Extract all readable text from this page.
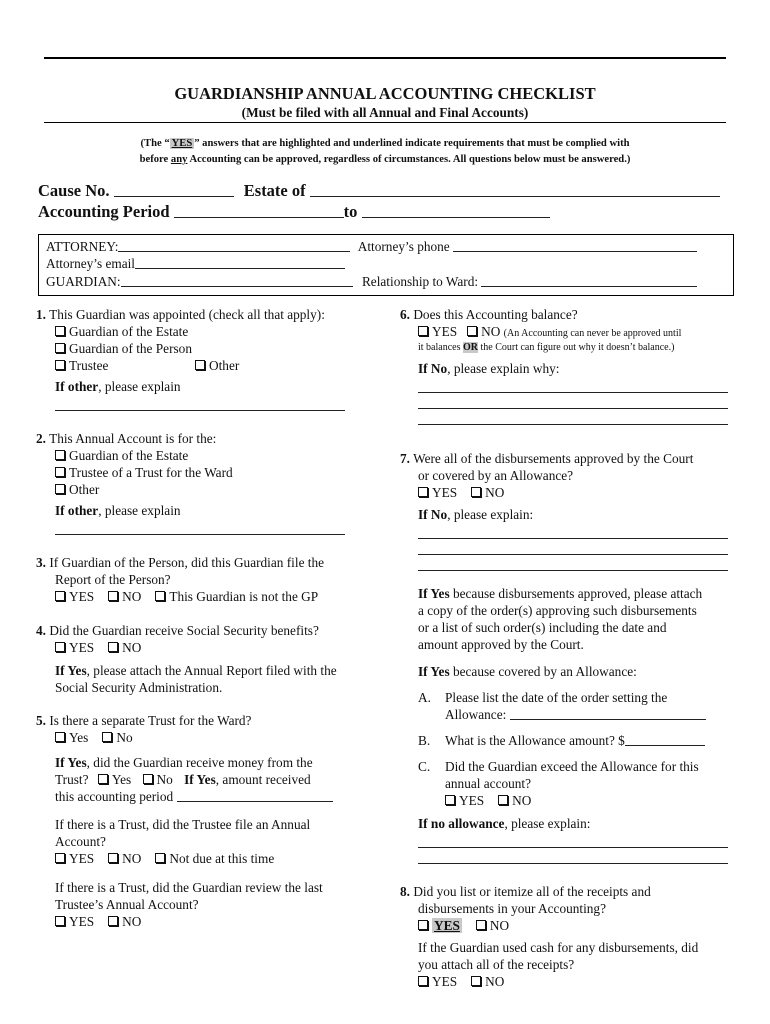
GUARDIANSHIP ANNUAL ACCOUNTING CHECKLIST
(Must be filed with all Annual and Final Accounts)
(The “ YES ” answers that are highlighted and underlined indicate requirements that must be complied with
before any Accounting can be approved, regardless of circumstances. All questions below must be answered.)
Cause No.	Estate of
Accounting Period	to
ATTORNEY:	Attorney’s phone
Attorney’s email
GUARDIAN:	Relationship to Ward:
1. This Guardian was appointed (check all that apply):
Guardian of the Estate
Guardian of the Person
Trustee	Other
If other, please explain
2. This Annual Account is for the:
Guardian of the Estate
Trustee of a Trust for the Ward
Other
If other, please explain
3. If Guardian of the Person, did this Guardian file the
Report of the Person?
YES NO This Guardian is not the GP
4. Did the Guardian receive Social Security benefits?
YES NO
If Yes, please attach the Annual Report filed with the
Social Security Administration.
5. Is there a separate Trust for the Ward?
Yes No
If Yes, did the Guardian receive money from the
Trust? Yes No If Yes, amount received
this accounting period
If there is a Trust, did the Trustee file an Annual
Account?
YES NO Not due at this time
If there is a Trust, did the Guardian review the last
Trustee’s Annual Account?
YES NO
6. Does this Accounting balance?
YES NO (An Accounting can never be approved until
it balances OR the Court can figure out why it doesn’t balance.)
If No, please explain why:
7. Were all of the disbursements approved by the Court
or covered by an Allowance?
YES NO
If No, please explain:
If Yes because disbursements approved, please attach
a copy of the order(s) approving such disbursements
or a list of such order(s) including the date and
amount approved by the Court.
If Yes because covered by an Allowance:
A.	Please list the date of the order setting the
Allowance:
B.	What is the Allowance amount? $
C.	Did the Guardian exceed the Allowance for this
annual account?
YES NO
If no allowance, please explain:
8. Did you list or itemize all of the receipts and
disbursements in your Accounting?
YES NO
If the Guardian used cash for any disbursements, did
you attach all of the receipts?
YES NO
